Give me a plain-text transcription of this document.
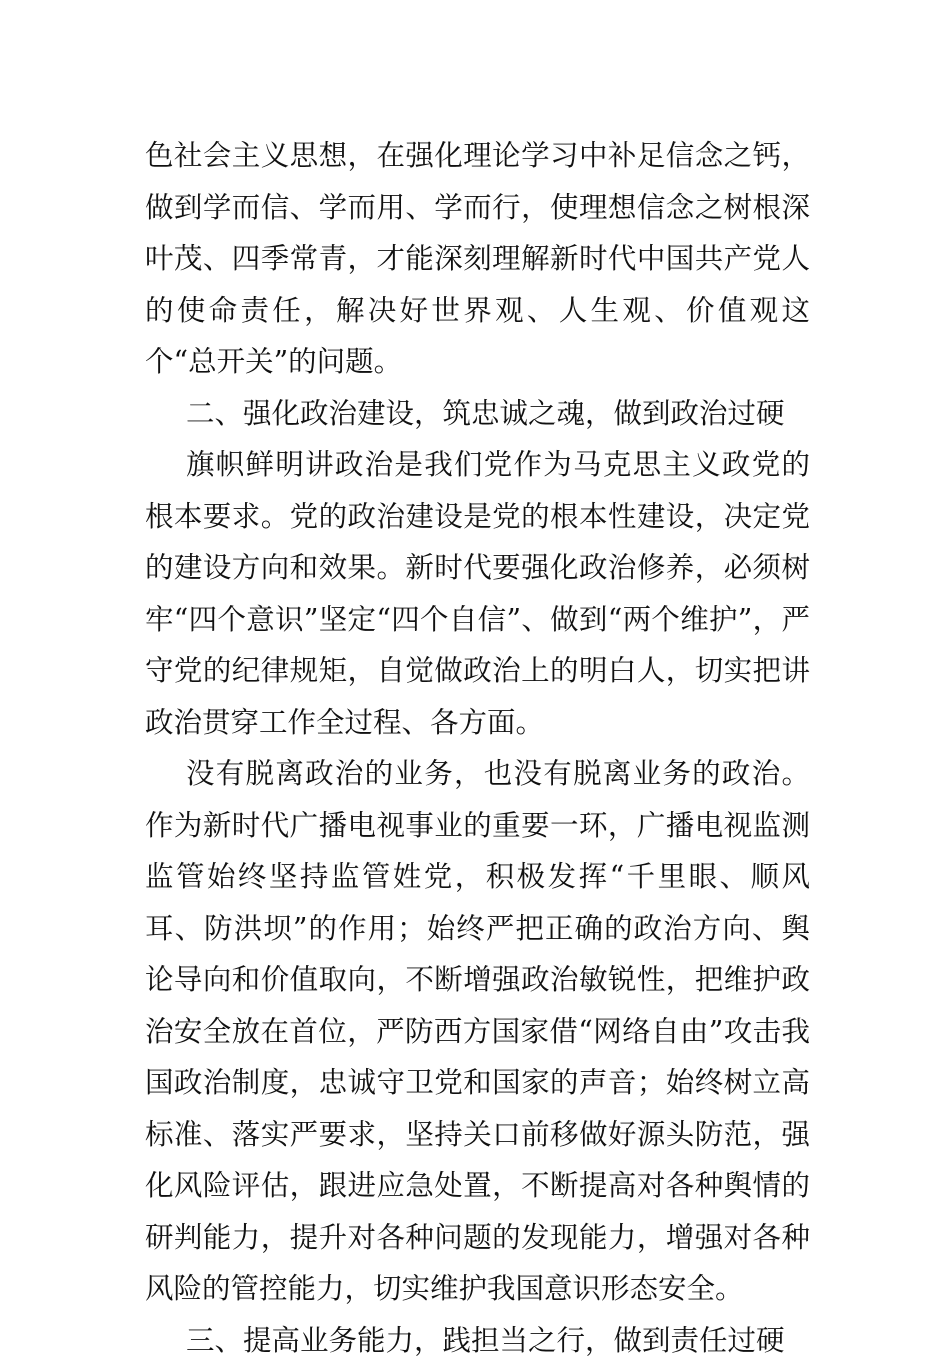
色社会主义思想，在强化理论学习中补足信念之钙，做到学而信、学而用、学而行，使理想信念之树根深叶茂、四季常青，才能深刻理解新时代中国共产党人的使命责任，解决好世界观、人生观、价值观这个“总开关”的问题。

二、强化政治建设，筑忠诚之魂，做到政治过硬

旗帜鲜明讲政治是我们党作为马克思主义政党的根本要求。党的政治建设是党的根本性建设，决定党的建设方向和效果。新时代要强化政治修养，必须树牢“四个意识”坚定“四个自信”、做到“两个维护”，严守党的纪律规矩，自觉做政治上的明白人，切实把讲政治贯穿工作全过程、各方面。

没有脱离政治的业务，也没有脱离业务的政治。作为新时代广播电视事业的重要一环，广播电视监测监管始终坚持监管姓党，积极发挥“千里眼、顺风耳、防洪坝”的作用；始终严把正确的政治方向、舆论导向和价值取向，不断增强政治敏锐性，把维护政治安全放在首位，严防西方国家借“网络自由”攻击我国政治制度，忠诚守卫党和国家的声音；始终树立高标准、落实严要求，坚持关口前移做好源头防范，强化风险评估，跟进应急处置，不断提高对各种舆情的研判能力，提升对各种问题的发现能力，增强对各种风险的管控能力，切实维护我国意识形态安全。

三、提高业务能力，践担当之行，做到责任过硬
